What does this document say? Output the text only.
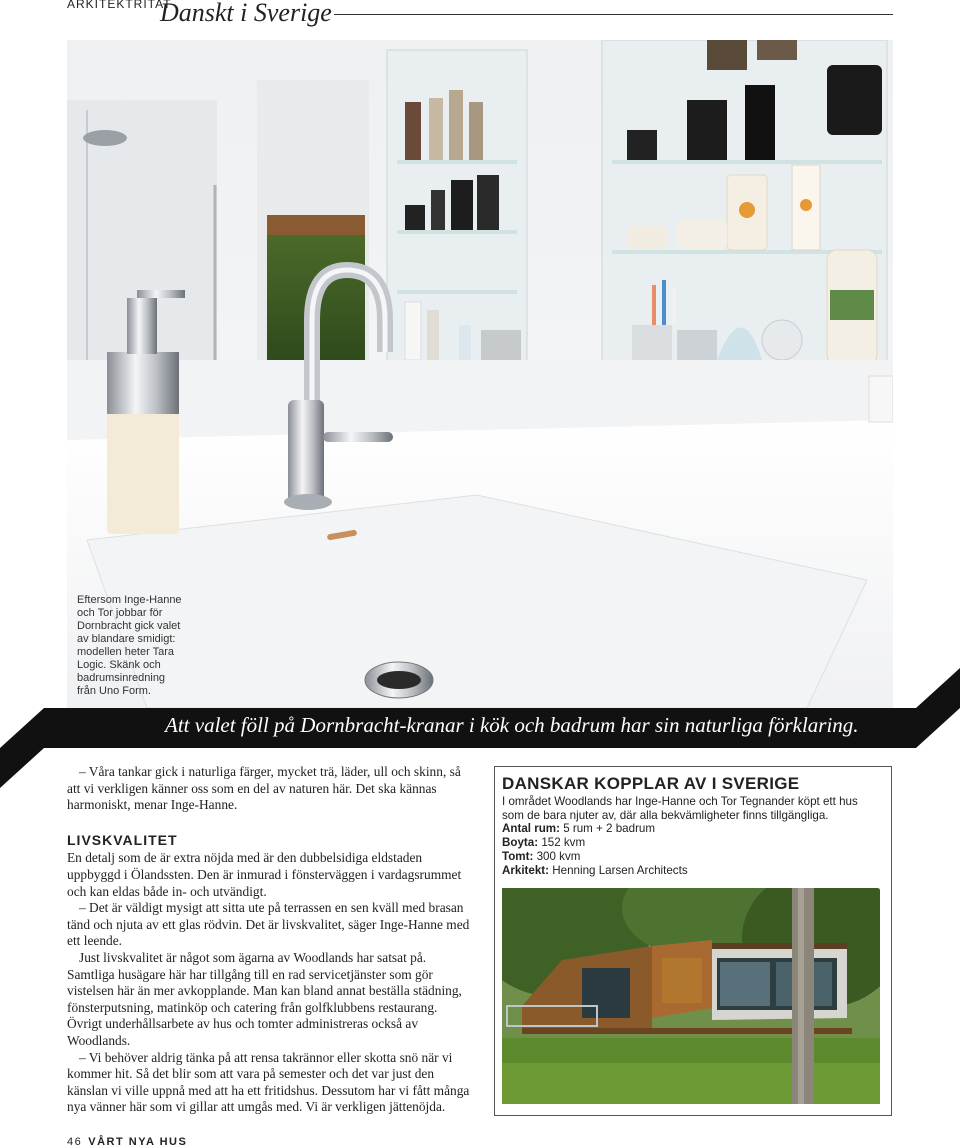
ARKITEKTRITAT
Danskt i Sverige
Eftersom Inge-Hanne
och Tor jobbar för
Dornbracht gick valet
av blandare smidigt:
modellen heter Tara
Logic. Skänk och
badrumsinredning
från Uno Form.
Att valet föll på Dornbracht-kranar i kök och badrum har sin naturliga förklaring.

– Våra tankar gick i naturliga färger, mycket trä, läder, ull och skinn, så att vi verkligen känner oss som en del av naturen här. Det ska kännas harmoniskt, menar Inge-Hanne.

LIVSKVALITET

En detalj som de är extra nöjda med är den dubbelsidiga eldstaden uppbyggd i Ölandssten. Den är inmurad i fönsterväggen i vardagsrummet och kan eldas både in- och utvändigt.

– Det är väldigt mysigt att sitta ute på terrassen en sen kväll med brasan tänd och njuta av ett glas rödvin. Det är livskvalitet, säger Inge-Hanne med ett leende.

Just livskvalitet är något som ägarna av Woodlands har satsat på. Samtliga husägare här har tillgång till en rad servicetjänster som gör vistelsen här än mer avkopplande. Man kan bland annat beställa städning, fönsterputsning, matinköp och catering från golfklubbens restaurang. Övrigt underhållsarbete av hus och tomter administreras också av Woodlands.

– Vi behöver aldrig tänka på att rensa takrännor eller skotta snö när vi kommer hit. Så det blir som att vara på semester och det var just den känslan vi ville uppnå med att ha ett fritidshus. Dessutom har vi fått många nya vänner här som vi gillar att umgås med. Vi är verkligen jättenöjda.

DANSKAR KOPPLAR AV I SVERIGE
I området Woodlands har Inge-Hanne och Tor Tegnander köpt ett hus som de bara njuter av, där alla bekvämligheter finns tillgängliga.
Antal rum: 5 rum + 2 badrum
Boyta: 152 kvm
Tomt: 300 kvm
Arkitekt: Henning Larsen Architects
46 VÅRT NYA HUS
